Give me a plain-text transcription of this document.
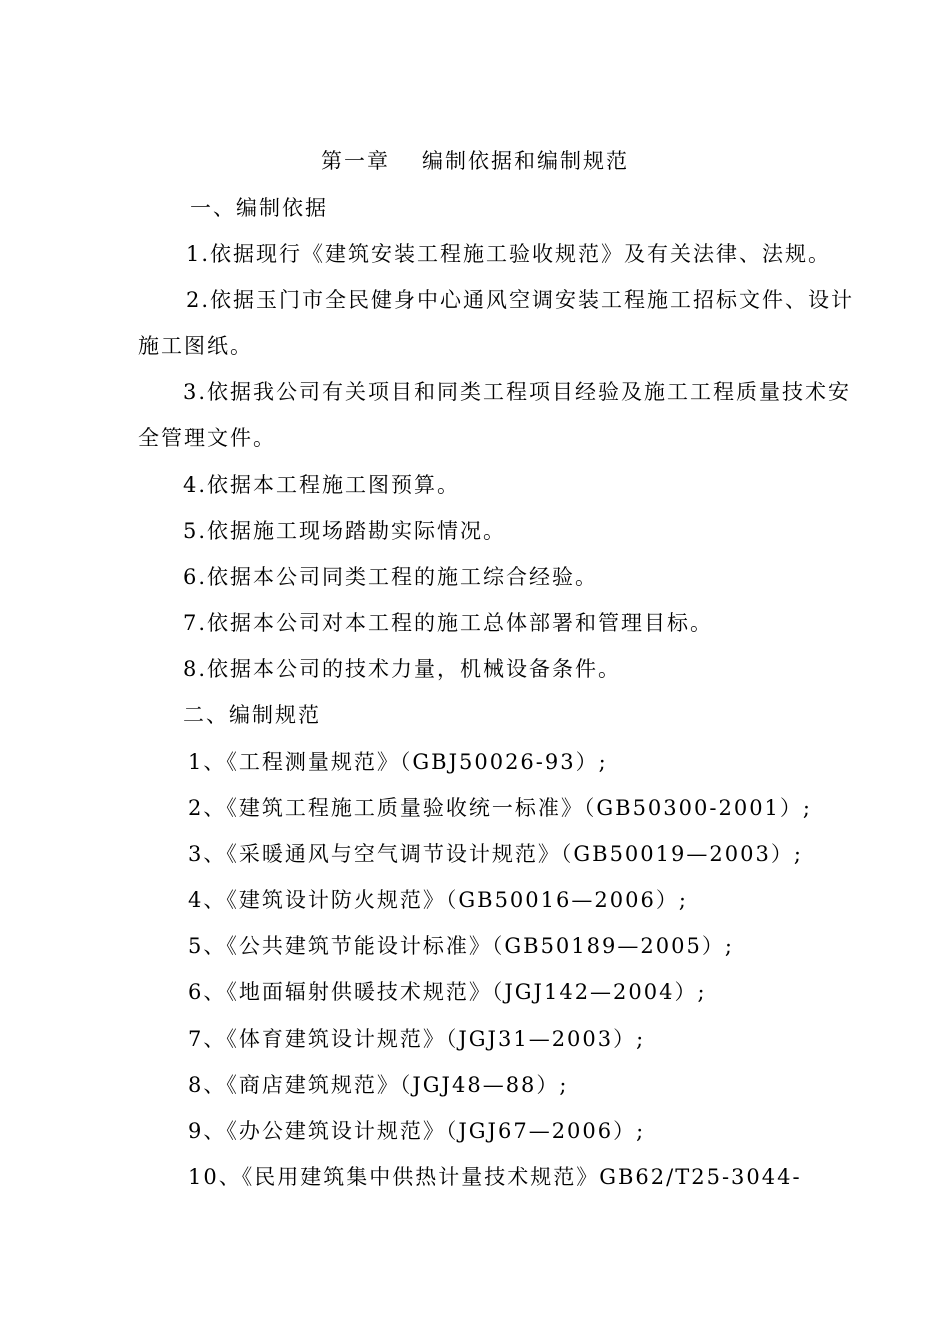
第一章 编制依据和编制规范
一、编制依据
1.依据现行《建筑安装工程施工验收规范》及有关法律、法规。
2.依据玉门市全民健身中心通风空调安装工程施工招标文件、设计
施工图纸。
3.依据我公司有关项目和同类工程项目经验及施工工程质量技术安
全管理文件。
4.依据本工程施工图预算。
5.依据施工现场踏勘实际情况。
6.依据本公司同类工程的施工综合经验。
7.依据本公司对本工程的施工总体部署和管理目标。
8.依据本公司的技术力量，机械设备条件。
二、编制规范
1、《工程测量规范》（GBJ50026-93）;
2、《建筑工程施工质量验收统一标准》（GB50300-2001）;
3、《采暖通风与空气调节设计规范》（GB50019—2003）;
4、《建筑设计防火规范》（GB50016—2006）;
5、《公共建筑节能设计标准》（GB50189—2005）;
6、《地面辐射供暖技术规范》（JGJ142—2004）;
7、《体育建筑设计规范》（JGJ31—2003）;
8、《商店建筑规范》（JGJ48—88）;
9、《办公建筑设计规范》（JGJ67—2006）;
10、《民用建筑集中供热计量技术规范》GB62/T25-3044-
